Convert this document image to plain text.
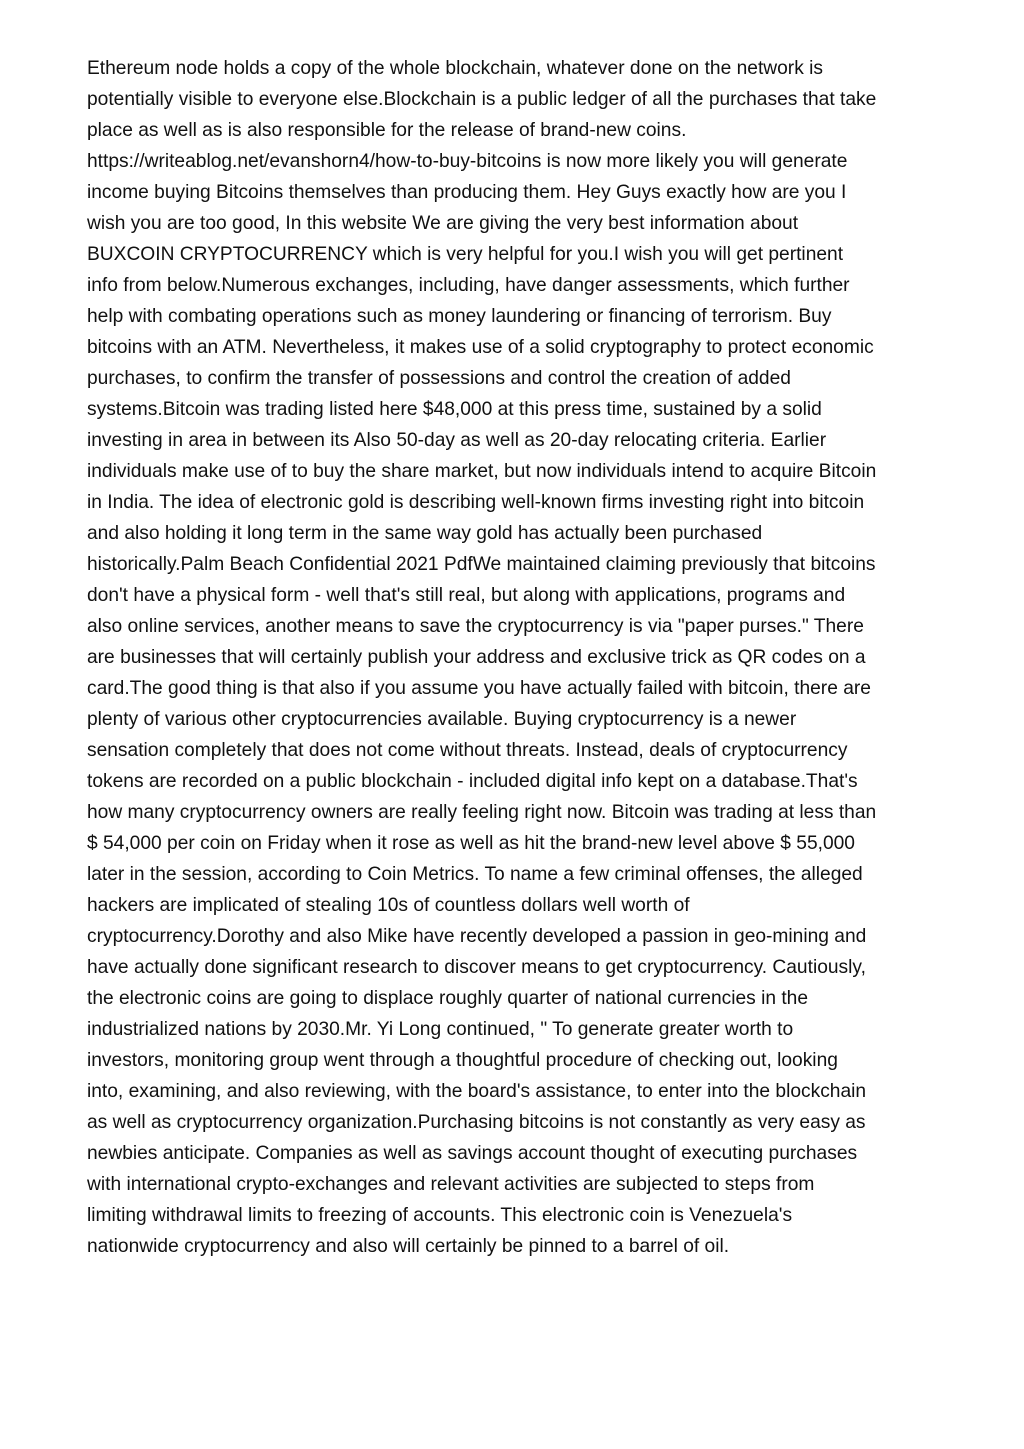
Ethereum node holds a copy of the whole blockchain, whatever done on the network is
potentially visible to everyone else.Blockchain is a public ledger of all the purchases that take
place as well as is also responsible for the release of brand-new coins.
https://writeablog.net/evanshorn4/how-to-buy-bitcoins is now more likely you will generate
income buying Bitcoins themselves than producing them. Hey Guys exactly how are you I
wish you are too good, In this website We are giving the very best information about
BUXCOIN CRYPTOCURRENCY which is very helpful for you.I wish you will get pertinent
info from below.Numerous exchanges, including, have danger assessments, which further
help with combating operations such as money laundering or financing of terrorism. Buy
bitcoins with an ATM. Nevertheless, it makes use of a solid cryptography to protect economic
purchases, to confirm the transfer of possessions and control the creation of added
systems.Bitcoin was trading listed here $48,000 at this press time, sustained by a solid
investing in area in between its Also 50-day as well as 20-day relocating criteria. Earlier
individuals make use of to buy the share market, but now individuals intend to acquire Bitcoin
in India. The idea of electronic gold is describing well-known firms investing right into bitcoin
and also holding it long term in the same way gold has actually been purchased
historically.Palm Beach Confidential 2021 PdfWe maintained claiming previously that bitcoins
don't have a physical form - well that's still real, but along with applications, programs and
also online services, another means to save the cryptocurrency is via "paper purses." There
are businesses that will certainly publish your address and exclusive trick as QR codes on a
card.The good thing is that also if you assume you have actually failed with bitcoin, there are
plenty of various other cryptocurrencies available. Buying cryptocurrency is a newer
sensation completely that does not come without threats. Instead, deals of cryptocurrency
tokens are recorded on a public blockchain - included digital info kept on a database.That's
how many cryptocurrency owners are really feeling right now. Bitcoin was trading at less than
$ 54,000 per coin on Friday when it rose as well as hit the brand-new level above $ 55,000
later in the session, according to Coin Metrics. To name a few criminal offenses, the alleged
hackers are implicated of stealing 10s of countless dollars well worth of
cryptocurrency.Dorothy and also Mike have recently developed a passion in geo-mining and
have actually done significant research to discover means to get cryptocurrency. Cautiously,
the electronic coins are going to displace roughly quarter of national currencies in the
industrialized nations by 2030.Mr. Yi Long continued, " To generate greater worth to
investors, monitoring group went through a thoughtful procedure of checking out, looking
into, examining, and also reviewing, with the board's assistance, to enter into the blockchain
as well as cryptocurrency organization.Purchasing bitcoins is not constantly as very easy as
newbies anticipate. Companies as well as savings account thought of executing purchases
with international crypto-exchanges and relevant activities are subjected to steps from
limiting withdrawal limits to freezing of accounts. This electronic coin is Venezuela's
nationwide cryptocurrency and also will certainly be pinned to a barrel of oil.
